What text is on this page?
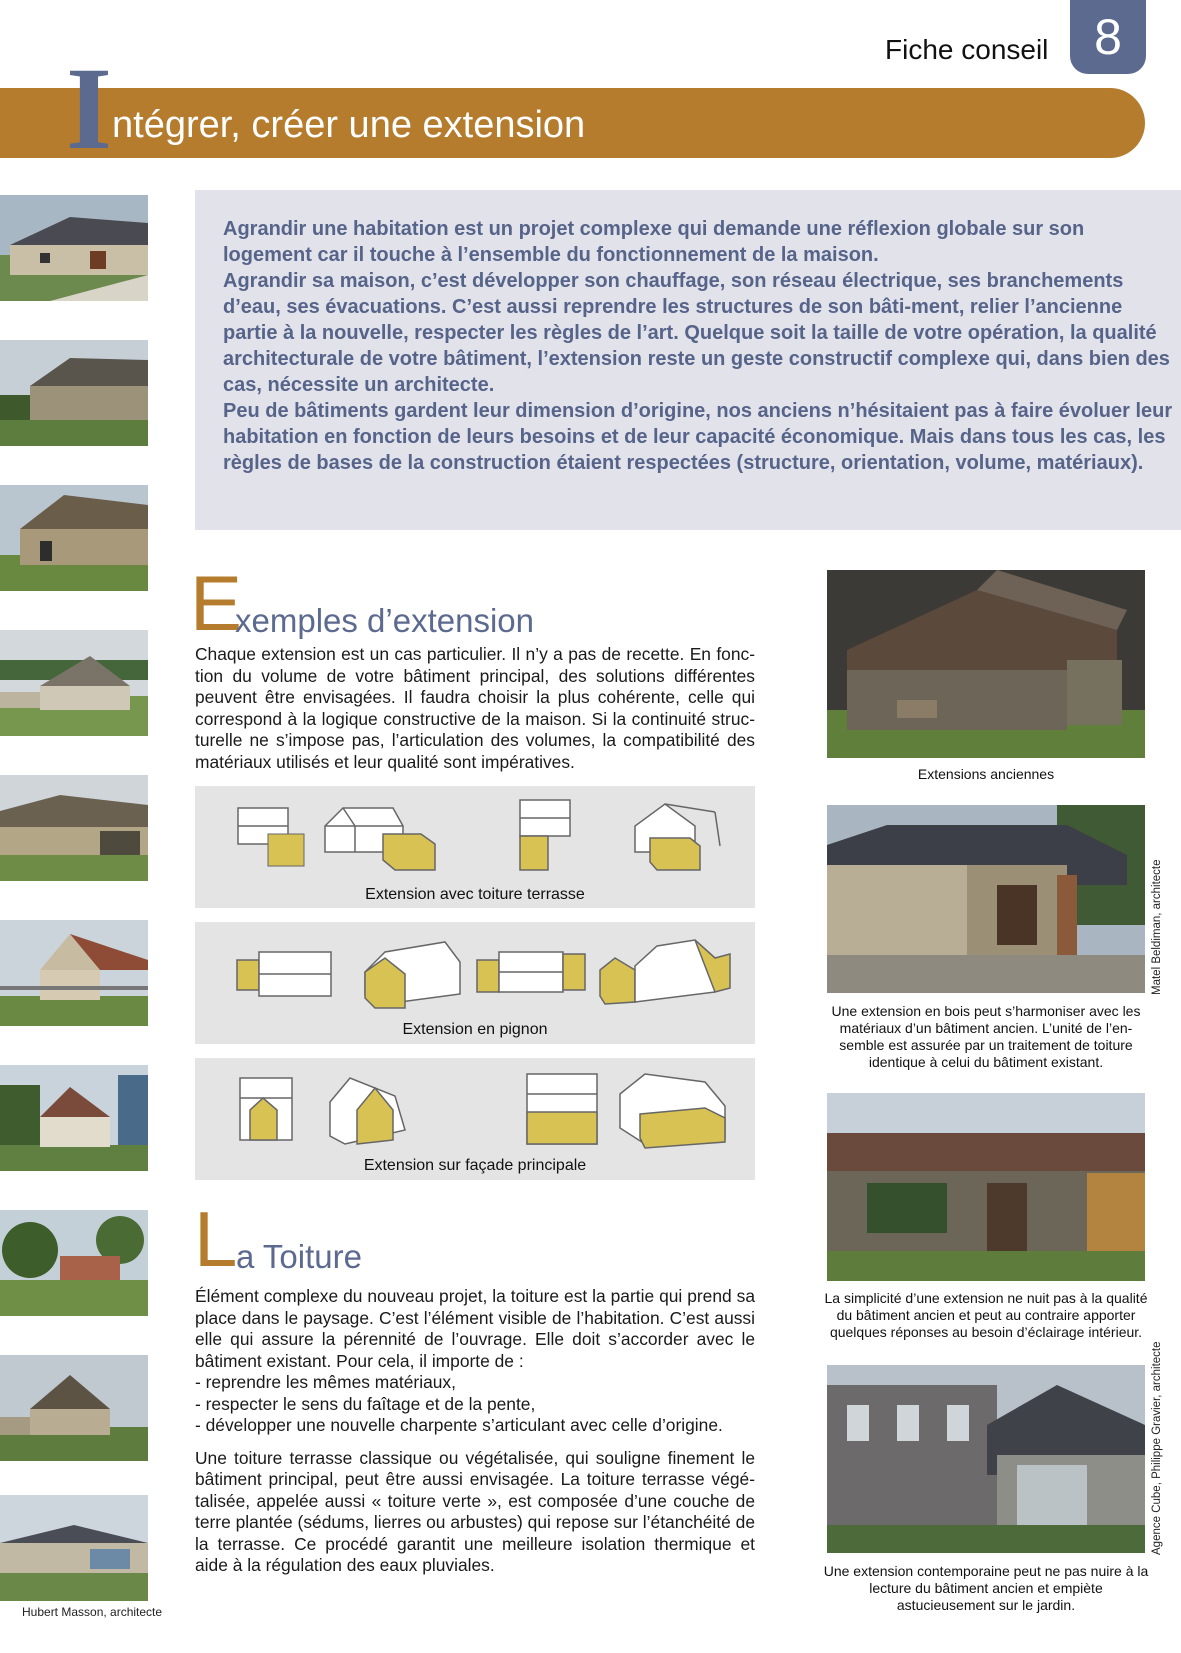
Fiche conseil 8
I ntégrer, créer une extension
Hubert Masson, architecte

Agrandir une habitation est un projet complexe qui demande une réflexion globale sur son logement car il touche à l’ensemble du fonctionnement de la maison.

Agrandir sa maison, c’est développer son chauffage, son réseau électrique, ses branchements d’eau, ses évacuations. C’est aussi reprendre les structures de son bâti-ment, relier l’ancienne partie à la nouvelle, respecter les règles de l’art. Quelque soit la taille de votre opération, la qualité architecturale de votre bâtiment, l’extension reste un geste constructif complexe qui, dans bien des cas, nécessite un architecte.

Peu de bâtiments gardent leur dimension d’origine, nos anciens n’hésitaient pas à faire évoluer leur habitation en fonction de leurs besoins et de leur capacité économique. Mais dans tous les cas, les règles de bases de la construction étaient respectées (structure, orientation, volume, matériaux).

E
xemples d’extension
Chaque extension est un cas particulier. Il n’y a pas de recette. En fonc-tion du volume de votre bâtiment principal, des solutions différentes peuvent être envisagées. Il faudra choisir la plus cohérente, celle qui correspond à la logique constructive de la maison. Si la continuité struc-turelle ne s’impose pas, l’articulation des volumes, la compatibilité des matériaux utilisés et leur qualité sont impératives.
Extension avec toiture terrasse
Extension en pignon
Extension sur façade principale
L
a Toiture

Élément complexe du nouveau projet, la toiture est la partie qui prend sa place dans le paysage. C’est l’élément visible de l’habitation. C’est aussi elle qui assure la pérennité de l’ouvrage. Elle doit s’accorder avec le bâtiment existant. Pour cela, il importe de :

- reprendre les mêmes matériaux,

- respecter le sens du faîtage et de la pente,

- développer une nouvelle charpente s’articulant avec celle d’origine.

Une toiture terrasse classique ou végétalisée, qui souligne finement le bâtiment principal, peut être aussi envisagée. La toiture terrasse végé-talisée, appelée aussi « toiture verte », est composée d’une couche de terre plantée (sédums, lierres ou arbustes) qui repose sur l’étanchéité de la terrasse. Ce procédé garantit une meilleure isolation thermique et aide à la régulation des eaux pluviales.

Extensions anciennes
Une extension en bois peut s’harmoniser avec les matériaux d’un bâtiment ancien. L’unité de l’en-semble est assurée par un traitement de toiture identique à celui du bâtiment existant.
Matel Beldiman, architecte
La simplicité d’une extension ne nuit pas à la qualité du bâtiment ancien et peut au contraire apporter quelques réponses au besoin d’éclairage intérieur.
Une extension contemporaine peut ne pas nuire à la lecture du bâtiment ancien et empiète astucieusement sur le jardin.
Agence Cube, Philippe Gravier, architecte
